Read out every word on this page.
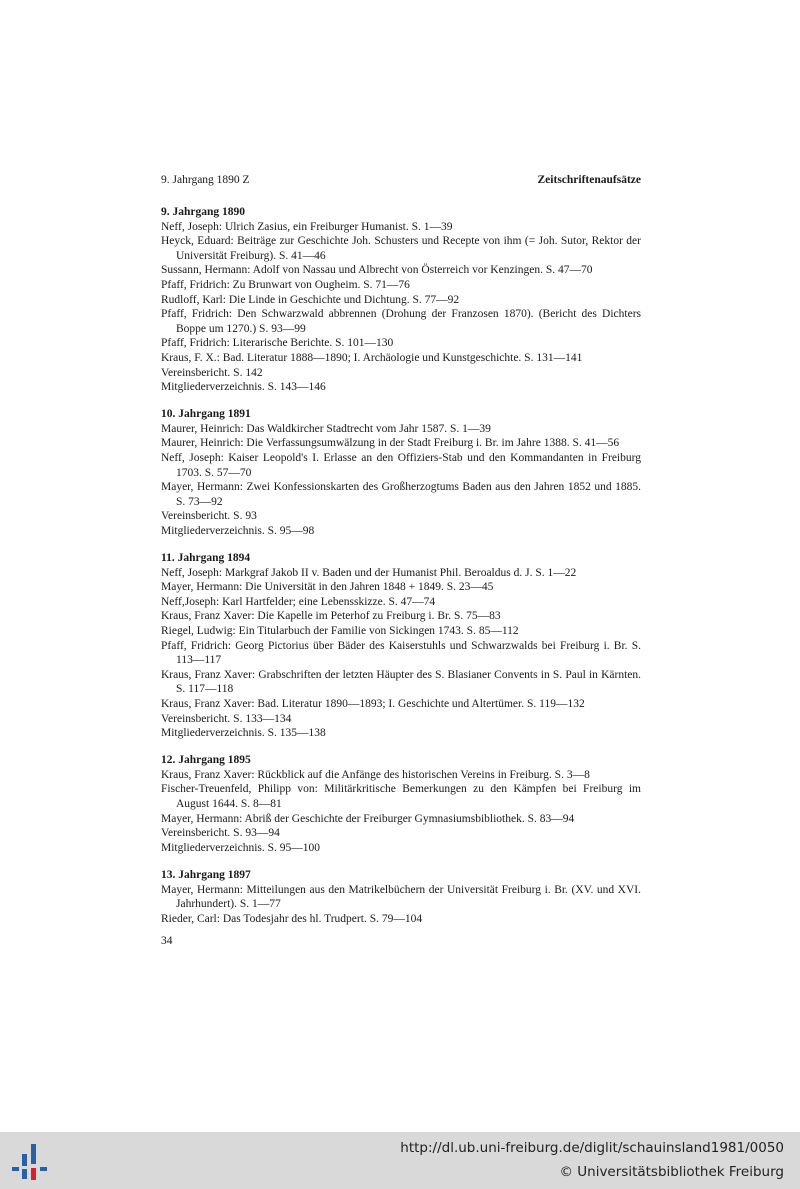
9. Jahrgang 1890 Z	Zeitschriftenaufsätze
9. Jahrgang 1890
Neff, Joseph: Ulrich Zasius, ein Freiburger Humanist. S. 1—39
Heyck, Eduard: Beiträge zur Geschichte Joh. Schusters und Recepte von ihm (= Joh. Sutor, Rektor der Universität Freiburg). S. 41—46
Sussann, Hermann: Adolf von Nassau und Albrecht von Österreich vor Kenzingen. S. 47—70
Pfaff, Fridrich: Zu Brunwart von Ougheim. S. 71—76
Rudloff, Karl: Die Linde in Geschichte und Dichtung. S. 77—92
Pfaff, Fridrich: Den Schwarzwald abbrennen (Drohung der Franzosen 1870). (Bericht des Dichters Boppe um 1270.) S. 93—99
Pfaff, Fridrich: Literarische Berichte. S. 101—130
Kraus, F. X.: Bad. Literatur 1888—1890; I. Archäologie und Kunstgeschichte. S. 131—141
Vereinsbericht. S. 142
Mitgliederverzeichnis. S. 143—146
10. Jahrgang 1891
Maurer, Heinrich: Das Waldkircher Stadtrecht vom Jahr 1587. S. 1—39
Maurer, Heinrich: Die Verfassungsumwälzung in der Stadt Freiburg i. Br. im Jahre 1388. S. 41—56
Neff, Joseph: Kaiser Leopold's I. Erlasse an den Offiziers-Stab und den Kommandanten in Freiburg 1703. S. 57—70
Mayer, Hermann: Zwei Konfessionskarten des Großherzogtums Baden aus den Jahren 1852 und 1885. S. 73—92
Vereinsbericht. S. 93
Mitgliederverzeichnis. S. 95—98
11. Jahrgang 1894
Neff, Joseph: Markgraf Jakob II v. Baden und der Humanist Phil. Beroaldus d. J. S. 1—22
Mayer, Hermann: Die Universität in den Jahren 1848 + 1849. S. 23—45
Neff,Joseph: Karl Hartfelder; eine Lebensskizze. S. 47—74
Kraus, Franz Xaver: Die Kapelle im Peterhof zu Freiburg i. Br. S. 75—83
Riegel, Ludwig: Ein Titularbuch der Familie von Sickingen 1743. S. 85—112
Pfaff, Fridrich: Georg Pictorius über Bäder des Kaiserstuhls und Schwarzwalds bei Freiburg i. Br. S. 113—117
Kraus, Franz Xaver: Grabschriften der letzten Häupter des S. Blasianer Convents in S. Paul in Kärnten. S. 117—118
Kraus, Franz Xaver: Bad. Literatur 1890—1893; I. Geschichte und Altertümer. S. 119—132
Vereinsbericht. S. 133—134
Mitgliederverzeichnis. S. 135—138
12. Jahrgang 1895
Kraus, Franz Xaver: Rückblick auf die Anfänge des historischen Vereins in Freiburg. S. 3—8
Fischer-Treuenfeld, Philipp von: Militärkritische Bemerkungen zu den Kämpfen bei Freiburg im August 1644. S. 8—81
Mayer, Hermann: Abriß der Geschichte der Freiburger Gymnasiumsbibliothek. S. 83—94
Vereinsbericht. S. 93—94
Mitgliederverzeichnis. S. 95—100
13. Jahrgang 1897
Mayer, Hermann: Mitteilungen aus den Matrikelbüchern der Universität Freiburg i. Br. (XV. und XVI. Jahrhundert). S. 1—77
Rieder, Carl: Das Todesjahr des hl. Trudpert. S. 79—104
34
http://dl.ub.uni-freiburg.de/diglit/schauinsland1981/0050
© Universitätsbibliothek Freiburg
